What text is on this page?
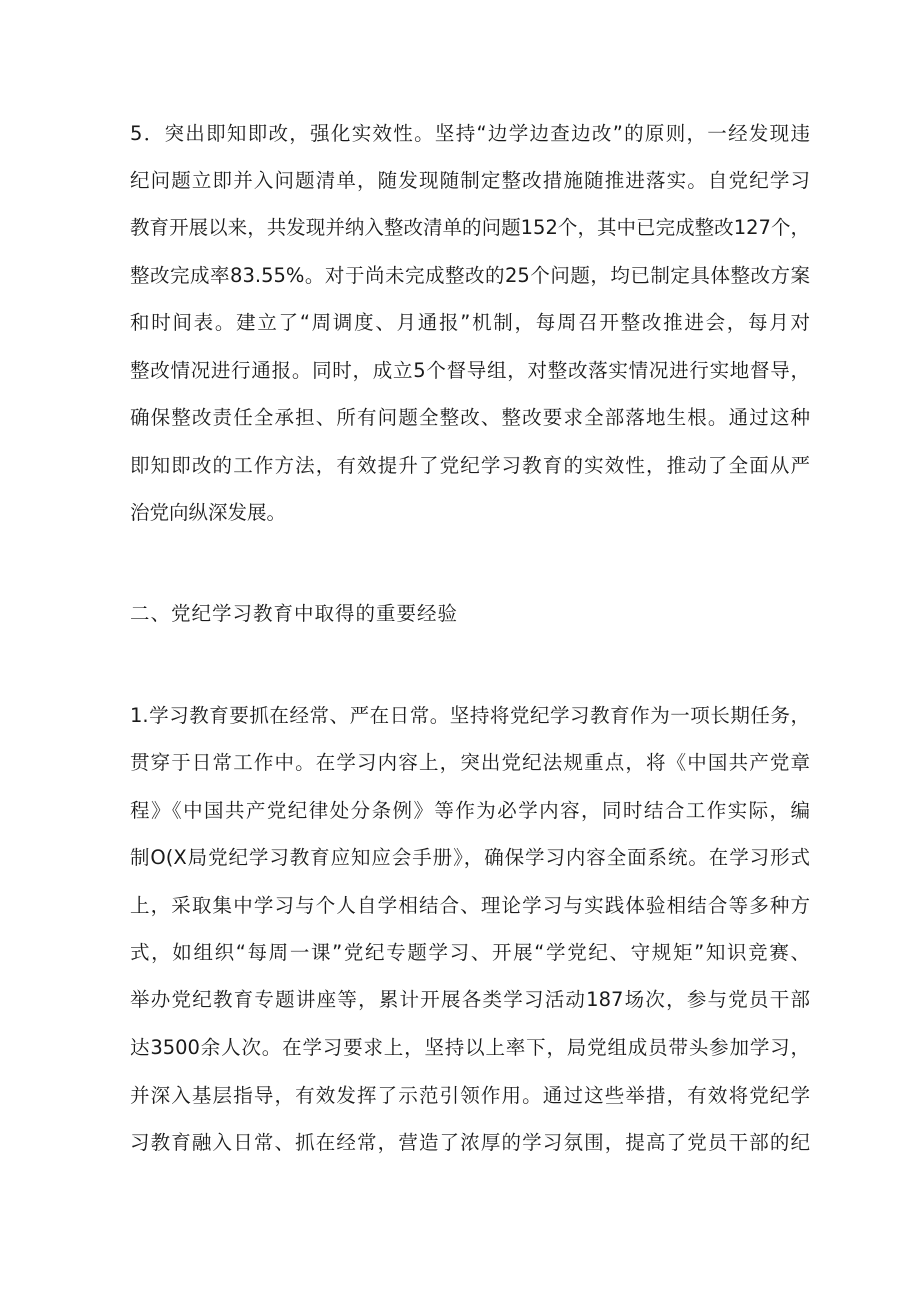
5．突出即知即改，强化实效性。坚持“边学边查边改”的原则，一经发现违
纪问题立即并入问题清单，随发现随制定整改措施随推进落实。自党纪学习
教育开展以来，共发现并纳入整改清单的问题152个，其中已完成整改127个，
整改完成率83.55%。对于尚未完成整改的25个问题，均已制定具体整改方案
和时间表。建立了“周调度、月通报”机制，每周召开整改推进会，每月对
整改情况进行通报。同时，成立5个督导组，对整改落实情况进行实地督导，
确保整改责任全承担、所有问题全整改、整改要求全部落地生根。通过这种
即知即改的工作方法，有效提升了党纪学习教育的实效性，推动了全面从严
治党向纵深发展。
二、党纪学习教育中取得的重要经验
1.学习教育要抓在经常、严在日常。坚持将党纪学习教育作为一项长期任务，
贯穿于日常工作中。在学习内容上，突出党纪法规重点，将《中国共产党章
程》《中国共产党纪律处分条例》等作为必学内容，同时结合工作实际，编
制O(X局党纪学习教育应知应会手册》，确保学习内容全面系统。在学习形式
上，采取集中学习与个人自学相结合、理论学习与实践体验相结合等多种方
式，如组织“每周一课”党纪专题学习、开展“学党纪、守规矩”知识竞赛、
举办党纪教育专题讲座等，累计开展各类学习活动187场次，参与党员干部
达3500余人次。在学习要求上，坚持以上率下，局党组成员带头参加学习，
并深入基层指导，有效发挥了示范引领作用。通过这些举措，有效将党纪学
习教育融入日常、抓在经常，营造了浓厚的学习氛围，提高了党员干部的纪
